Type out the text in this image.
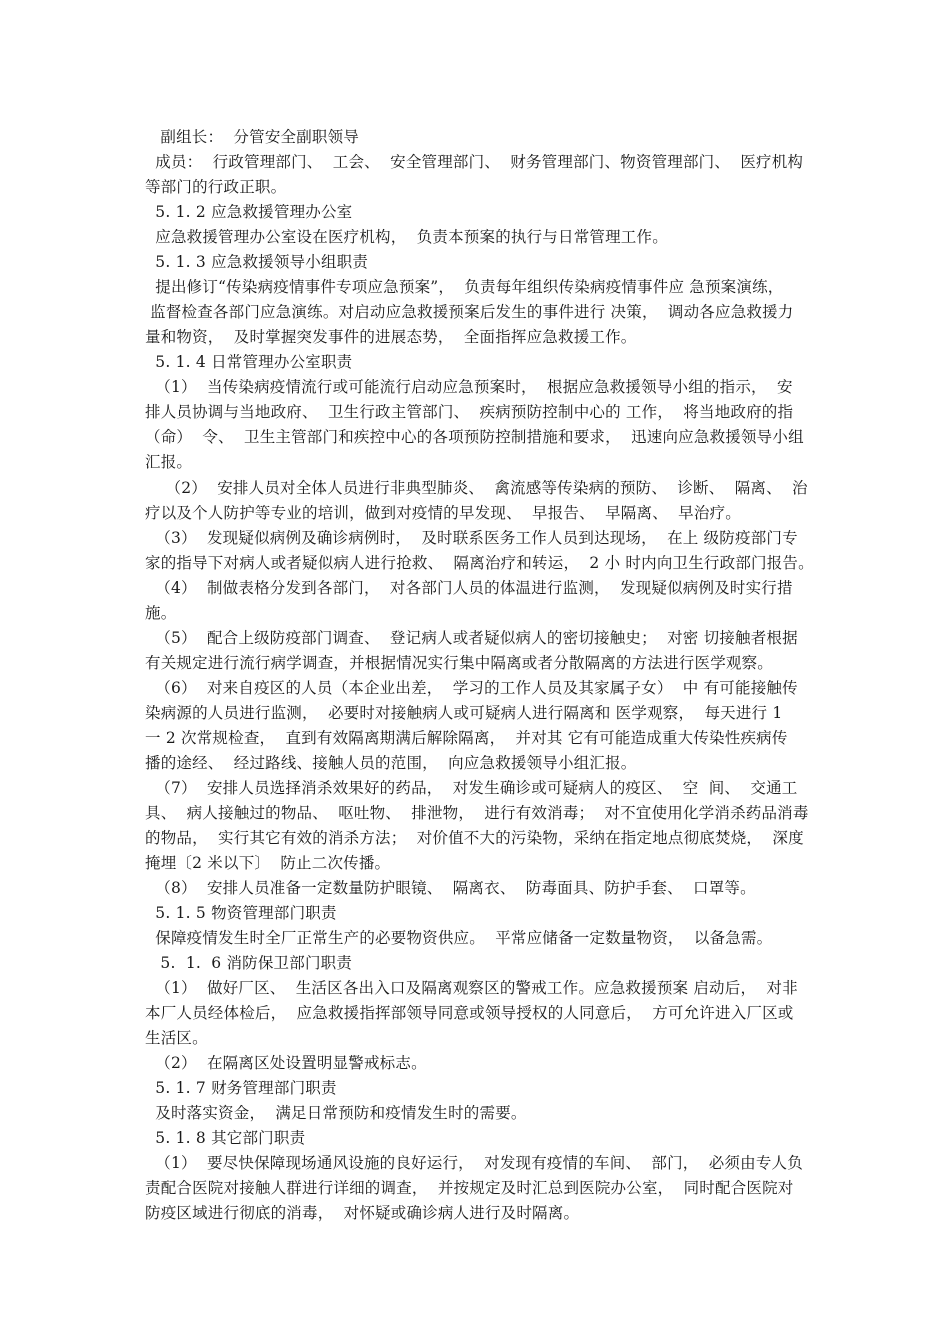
副组长：  分管安全副职领导
成员：  行政管理部门、  工会、  安全管理部门、  财务管理部门、物资管理部门、  医疗机构
等部门的行政正职。
5. 1. 2 应急救援管理办公室
应急救援管理办公室设在医疗机构，  负责本预案的执行与日常管理工作。
5. 1. 3 应急救援领导小组职责
提出修订“传染病疫情事件专项应急预案”，  负责每年组织传染病疫情事件应 急预案演练，
监督检查各部门应急演练。对启动应急救援预案后发生的事件进行 决策，  调动各应急救援力
量和物资，  及时掌握突发事件的进展态势，  全面指挥应急救援工作。
5. 1. 4 日常管理办公室职责
（1）  当传染病疫情流行或可能流行启动应急预案时，  根据应急救援领导小组的指示，  安
排人员协调与当地政府、  卫生行政主管部门、  疾病预防控制中心的 工作，  将当地政府的指
（命）  令、  卫生主管部门和疾控中心的各项预防控制措施和要求，  迅速向应急救援领导小组
汇报。
（2）  安排人员对全体人员进行非典型肺炎、  禽流感等传染病的预防、  诊断、  隔离、  治
疗以及个人防护等专业的培训，做到对疫情的早发现、  早报告、  早隔离、  早治疗。
（3）  发现疑似病例及确诊病例时，  及时联系医务工作人员到达现场，  在上 级防疫部门专
家的指导下对病人或者疑似病人进行抢救、  隔离治疗和转运，  2 小 时内向卫生行政部门报告。
（4）  制做表格分发到各部门，  对各部门人员的体温进行监测，  发现疑似病例及时实行措
施。
（5）  配合上级防疫部门调查、  登记病人或者疑似病人的密切接触史；  对密 切接触者根据
有关规定进行流行病学调查，并根据情况实行集中隔离或者分散隔离的方法进行医学观察。
（6）  对来自疫区的人员（本企业出差，  学习的工作人员及其家属子女）  中 有可能接触传
染病源的人员进行监测，  必要时对接触病人或可疑病人进行隔离和 医学观察，  每天进行 1
一 2 次常规检查，  直到有效隔离期满后解除隔离，  并对其 它有可能造成重大传染性疾病传
播的途经、  经过路线、接触人员的范围，  向应急救援领导小组汇报。
（7）  安排人员选择消杀效果好的药品，  对发生确诊或可疑病人的疫区、  空  间、  交通工
具、  病人接触过的物品、  呕吐物、  排泄物，  进行有效消毒；  对不宜使用化学消杀药品消毒
的物品，  实行其它有效的消杀方法；  对价值不大的污染物，采纳在指定地点彻底焚烧，  深度
掩埋〔2 米以下〕  防止二次传播。
（8）  安排人员准备一定数量防护眼镜、  隔离衣、  防毒面具、防护手套、  口罩等。
5. 1. 5 物资管理部门职责
保障疫情发生时全厂正常生产的必要物资供应。  平常应储备一定数量物资，  以备急需。
5.  1.  6 消防保卫部门职责
（1）  做好厂区、  生活区各出入口及隔离观察区的警戒工作。应急救援预案 启动后，  对非
本厂人员经体检后，  应急救援指挥部领导同意或领导授权的人同意后，  方可允许进入厂区或
生活区。
（2）  在隔离区处设置明显警戒标志。
5. 1. 7 财务管理部门职责
及时落实资金，  满足日常预防和疫情发生时的需要。
5. 1. 8 其它部门职责
（1）  要尽快保障现场通风设施的良好运行，  对发现有疫情的车间、  部门，  必须由专人负
责配合医院对接触人群进行详细的调查，  并按规定及时汇总到医院办公室，  同时配合医院对
防疫区域进行彻底的消毒，  对怀疑或确诊病人进行及时隔离。
